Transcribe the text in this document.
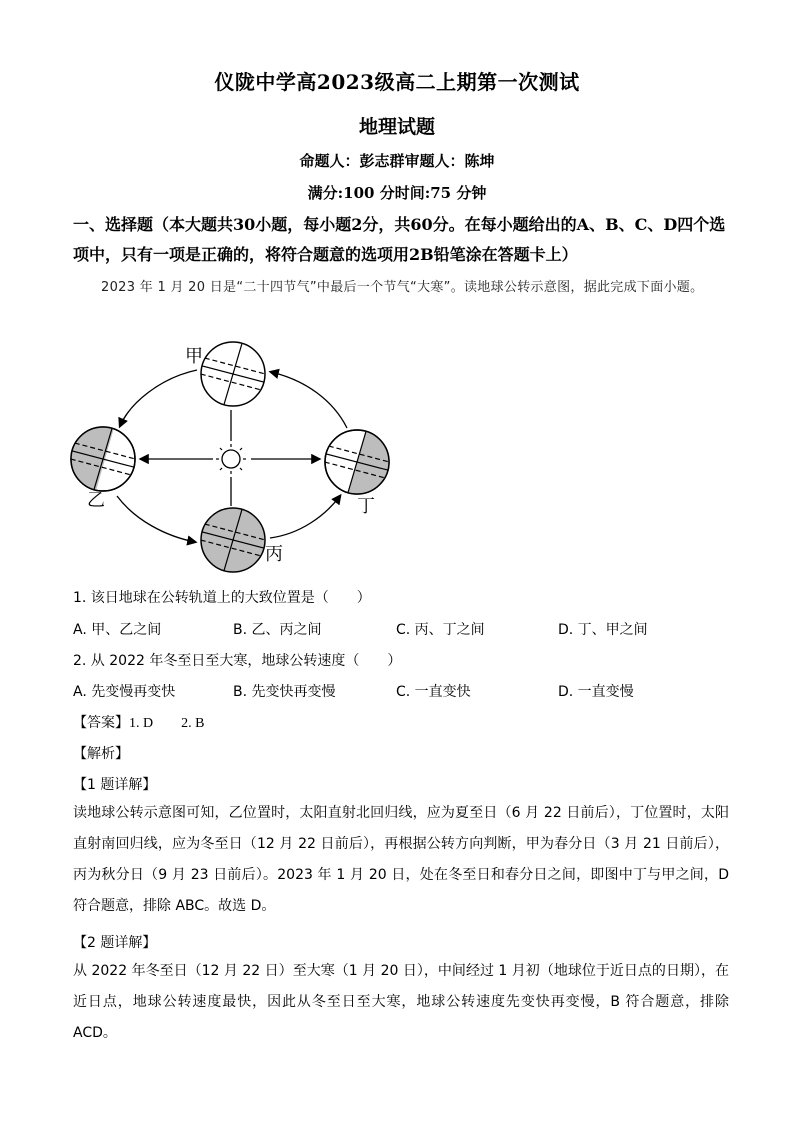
仪陇中学高2023级高二上期第一次测试
地理试题
命题人：彭志群审题人：陈坤
满分:100 分时间:75 分钟
一、选择题（本大题共30小题，每小题2分，共60分。在每小题给出的A、B、C、D四个选项中，只有一项是正确的，将符合题意的选项用2B铅笔涂在答题卡上）
2023 年 1 月 20 日是“二十四节气”中最后一个节气“大寒”。读地球公转示意图，据此完成下面小题。
甲
乙
丙
丁
1. 该日地球在公转轨道上的大致位置是（　　）
A. 甲、乙之间	B. 乙、丙之间	C. 丙、丁之间	D. 丁、甲之间
2. 从 2022 年冬至日至大寒，地球公转速度（　　）
A. 先变慢再变快	B. 先变快再变慢	C. 一直变快	D. 一直变慢
【答案】1. D　　2. B
【解析】
【1 题详解】
读地球公转示意图可知，乙位置时，太阳直射北回归线，应为夏至日（6 月 22 日前后），丁位置时，太阳直射南回归线，应为冬至日（12 月 22 日前后），再根据公转方向判断，甲为春分日（3 月 21 日前后），丙为秋分日（9 月 23 日前后）。2023 年 1 月 20 日，处在冬至日和春分日之间，即图中丁与甲之间，D 符合题意，排除 ABC。故选 D。
【2 题详解】
从 2022 年冬至日（12 月 22 日）至大寒（1 月 20 日），中间经过 1 月初（地球位于近日点的日期），在近日点，地球公转速度最快，因此从冬至日至大寒，地球公转速度先变快再变慢，B 符合题意，排除 ACD。
